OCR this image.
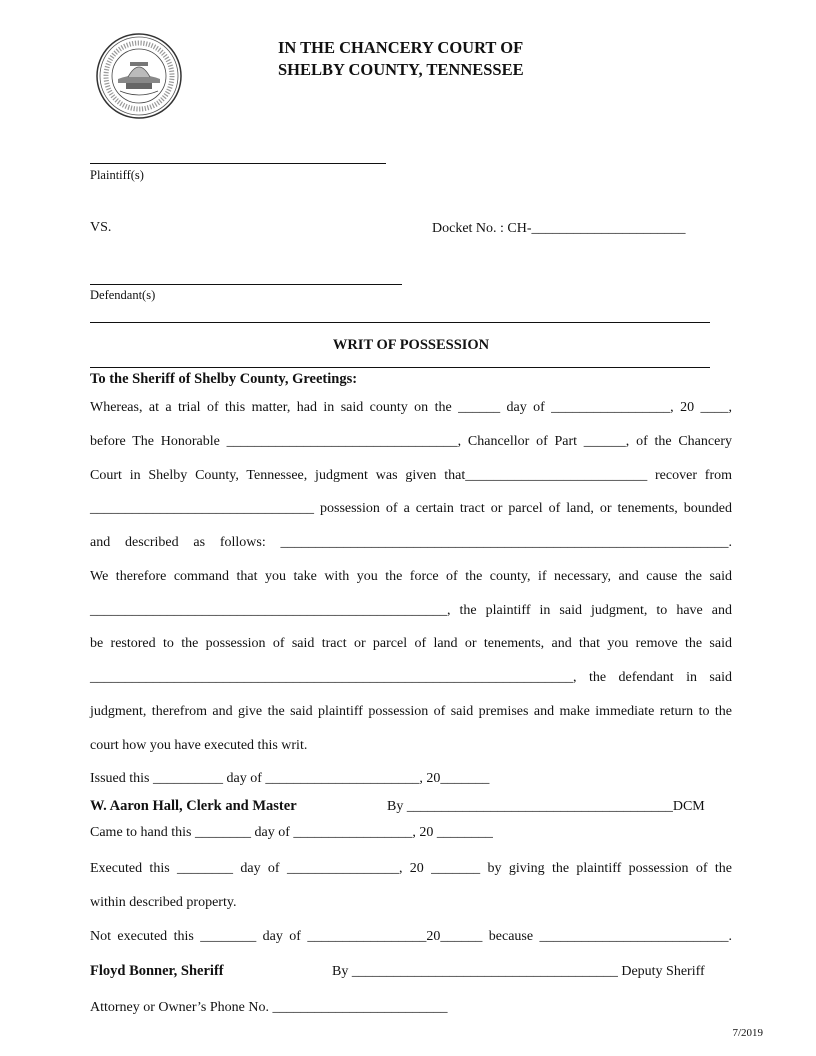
IN THE CHANCERY COURT OF
SHELBY COUNTY, TENNESSEE
Plaintiff(s)
VS.	Docket No. : CH-______________________
Defendant(s)
WRIT OF POSSESSION
To the Sheriff of Shelby County, Greetings:
Whereas, at a trial of this matter, had in said county on the ______ day of _________________, 20 ____,
before The Honorable _________________________________, Chancellor of Part ______, of the Chancery
Court in Shelby County, Tennessee, judgment was given that__________________________ recover from
________________________________ possession of a certain tract or parcel of land, or tenements, bounded
and described as follows: ________________________________________________________________.
We therefore command that you take with you the force of the county, if necessary, and cause the said
___________________________________________________, the plaintiff in said judgment, to have and
be restored to the possession of said tract or parcel of land or tenements, and that you remove the said
_____________________________________________________________________, the defendant in said
judgment, therefrom and give the said plaintiff possession of said premises and make immediate return to the
court how you have executed this writ.
Issued this __________ day of ______________________, 20_______
W. Aaron Hall, Clerk and Master	By ______________________________________DCM
Came to hand this ________ day of _________________, 20 ________
Executed this ________ day of ________________, 20 _______ by giving the plaintiff possession of the
within described property.
Not executed this ________ day of _________________20______ because ___________________________.
Floyd Bonner, Sheriff	By ______________________________________ Deputy Sheriff
Attorney or Owner’s Phone No. _________________________
7/2019
